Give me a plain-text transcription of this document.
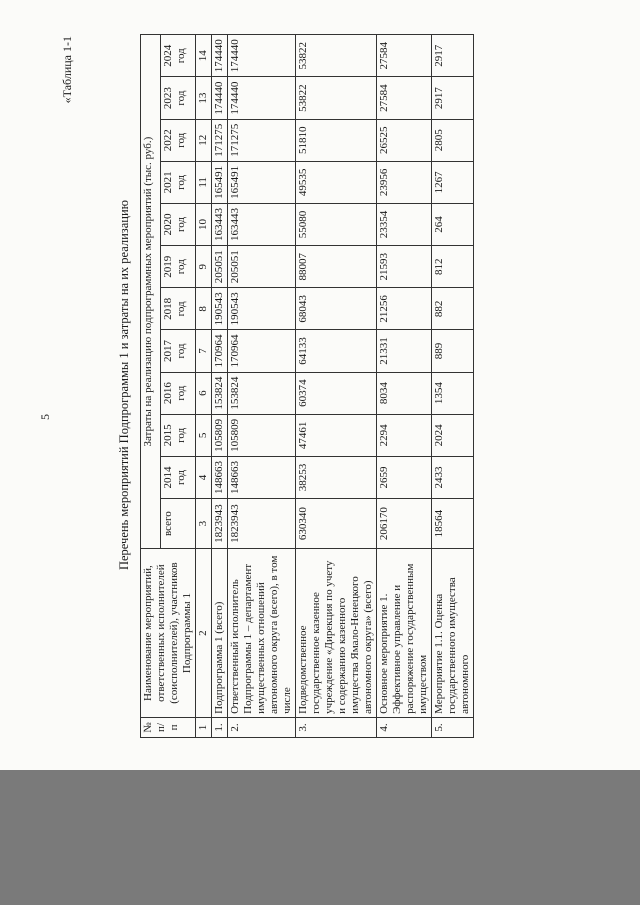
5
«Таблица 1-1
Перечень мероприятий Подпрограммы 1 и затраты на их реализацию
№ п/п	Наименование мероприятий, ответственных исполнителей (соисполнителей), участников Подпрограммы 1	Затраты на реализацию подпрограммных мероприятий (тыс. руб.)											
		всего	2014 год	2015 год	2016 год	2017 год	2018 год	2019 год	2020 год	2021 год	2022 год	2023 год	2024 год
1	2	3	4	5	6	7	8	9	10	11	12	13	14
1.	Подпрограмма 1 (всего)	1823943	148663	105809	153824	170964	190543	205051	163443	165491	171275	174440	174440
2.	Ответственный исполнитель Подпрограммы 1 – департамент имущественных отношений автономного округа (всего), в том числе	1823943	148663	105809	153824	170964	190543	205051	163443	165491	171275	174440	174440
3.	Подведомственное государственное казенное учреждение «Дирекция по учету и содержанию казенного имущества Ямало-Ненецкого автономного округа» (всего)	630340	38253	47461	60374	64133	68043	88007	55080	49535	51810	53822	53822
4.	Основное мероприятие 1. Эффективное управление и распоряжение государственным имуществом	206170	2659	2294	8034	21331	21256	21593	23354	23956	26525	27584	27584
5.	Мероприятие 1.1. Оценка государственного имущества автономного	18564	2433	2024	1354	889	882	812	264	1267	2805	2917	2917
